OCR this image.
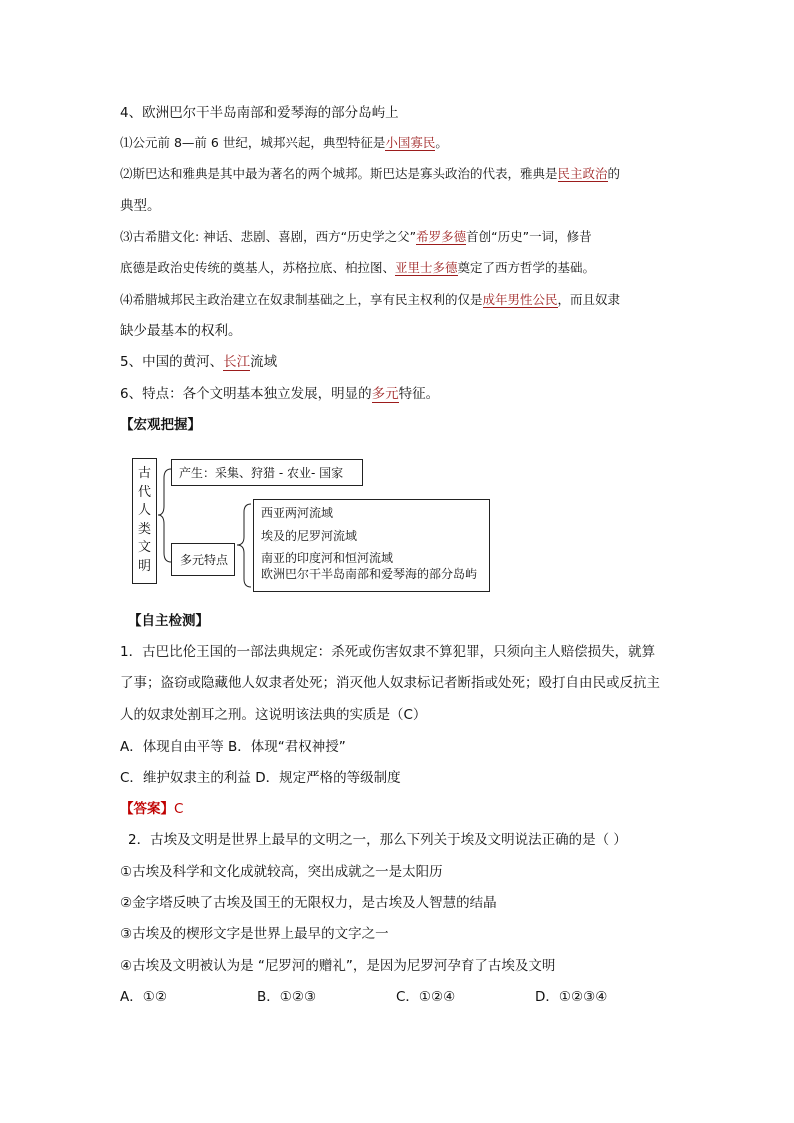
4、欧洲巴尔干半岛南部和爱琴海的部分岛屿上
⑴公元前 8—前 6 世纪，城邦兴起，典型特征是小国寡民。
⑵斯巴达和雅典是其中最为著名的两个城邦。斯巴达是寡头政治的代表，雅典是民主政治的
典型。
⑶古希腊文化: 神话、悲剧、喜剧，西方“历史学之父”希罗多德首创“历史”一词，修昔
底德是政治史传统的奠基人，苏格拉底、柏拉图、亚里士多德奠定了西方哲学的基础。
⑷希腊城邦民主政治建立在奴隶制基础之上，享有民主权利的仅是成年男性公民，而且奴隶
缺少最基本的权利。
5、中国的黄河、长江流域
6、特点：各个文明基本独立发展，明显的多元特征。
【宏观把握】
古
代
人
类
文
明
产生：采集、狩猎 - 农业- 国家
多元特点
西亚两河流域
埃及的尼罗河流域
南亚的印度河和恒河流域
欧洲巴尔干半岛南部和爱琴海的部分岛屿
【自主检测】
1．古巴比伦王国的一部法典规定：杀死或伤害奴隶不算犯罪，只须向主人赔偿损失，就算
了事；盗窃或隐藏他人奴隶者处死；消灭他人奴隶标记者断指或处死；殴打自由民或反抗主
人的奴隶处割耳之刑。这说明该法典的实质是（C）
A．体现自由平等 B．体现“君权神授”
C．维护奴隶主的利益 D．规定严格的等级制度
【答案】C
2．古埃及文明是世界上最早的文明之一，那么下列关于埃及文明说法正确的是（ ）
①古埃及科学和文化成就较高，突出成就之一是太阳历
②金字塔反映了古埃及国王的无限权力，是古埃及人智慧的结晶
③古埃及的楔形文字是世界上最早的文字之一
④古埃及文明被认为是 “尼罗河的赠礼”，是因为尼罗河孕育了古埃及文明
A．①②	B．①②③	C．①②④	D．①②③④
